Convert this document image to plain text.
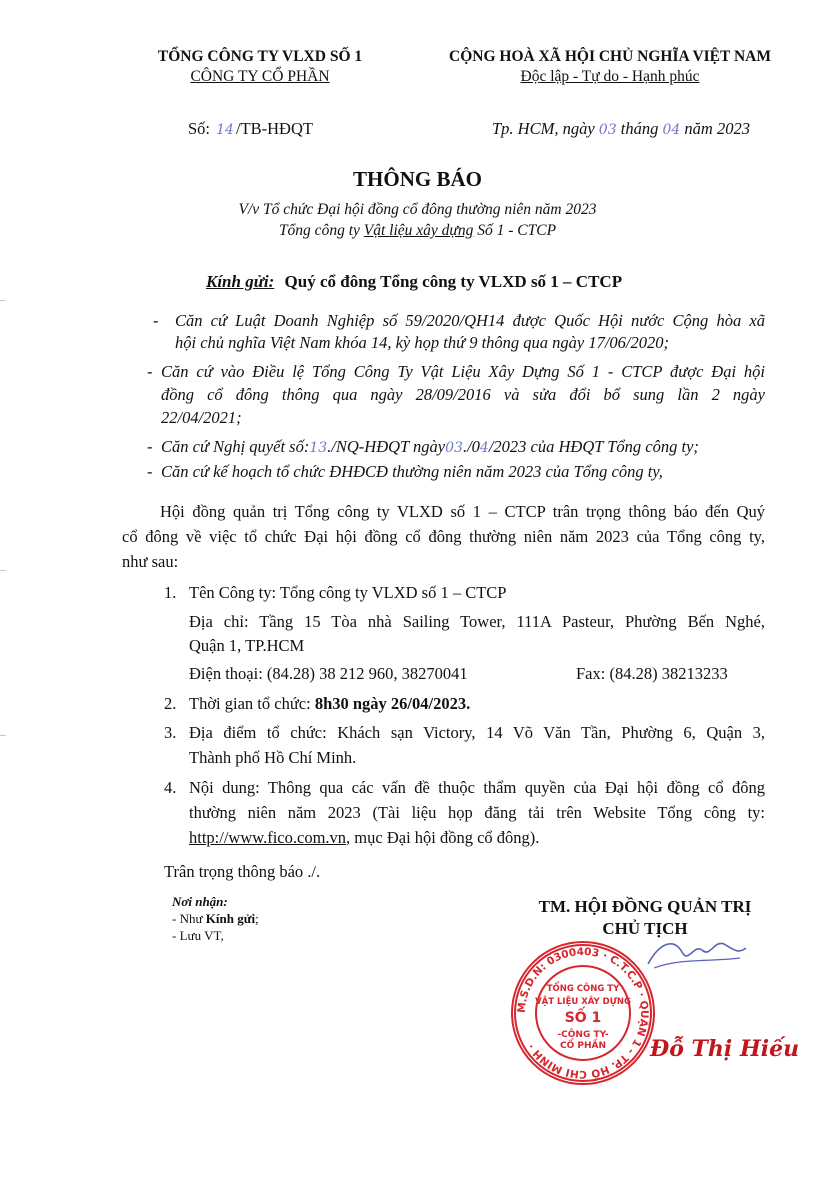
TỔNG CÔNG TY VLXD SỐ 1
CÔNG TY CỔ PHẦN
CỘNG HOÀ XÃ HỘI CHỦ NGHĨA VIỆT NAM
Độc lập - Tự do - Hạnh phúc
Số: 14 /TB-HĐQT	Tp. HCM, ngày 03 tháng 04 năm 2023
THÔNG BÁO
V/v Tổ chức Đại hội đồng cổ đông thường niên năm 2023
Tổng công ty Vật liệu xây dựng Số 1 - CTCP
Kính gửi: Quý cổ đông Tổng công ty VLXD số 1 – CTCP
- Căn cứ Luật Doanh Nghiệp số 59/2020/QH14 được Quốc Hội nước Cộng hòa xã
hội chủ nghĩa Việt Nam khóa 14, kỳ họp thứ 9 thông qua ngày 17/06/2020;
- Căn cứ vào Điều lệ Tổng Công Ty Vật Liệu Xây Dựng Số 1 - CTCP được Đại hội
đồng cổ đông thông qua ngày 28/09/2016 và sửa đổi bổ sung lần 2 ngày
22/04/2021;
- Căn cứ Nghị quyết số:13./NQ-HĐQT ngày03./04/2023 của HĐQT Tổng công ty;
- Căn cứ kế hoạch tổ chức ĐHĐCĐ thường niên năm 2023 của Tổng công ty,
Hội đồng quản trị Tổng công ty VLXD số 1 – CTCP trân trọng thông báo đến Quý
cổ đông về việc tổ chức Đại hội đồng cổ đông thường niên năm 2023 của Tổng công ty,
như sau:
1. Tên Công ty: Tổng công ty VLXD số 1 – CTCP
Địa chỉ: Tầng 15 Tòa nhà Sailing Tower, 111A Pasteur, Phường Bến Nghé,
Quận 1, TP.HCM
Điện thoại: (84.28) 38 212 960, 38270041	Fax: (84.28) 38213233
2. Thời gian tổ chức: 8h30 ngày 26/04/2023.
3. Địa điểm tổ chức: Khách sạn Victory, 14 Võ Văn Tần, Phường 6, Quận 3,
Thành phố Hồ Chí Minh.
4. Nội dung: Thông qua các vấn đề thuộc thẩm quyền của Đại hội đồng cổ đông
thường niên năm 2023 (Tài liệu họp đăng tải trên Website Tổng công ty:
http://www.fico.com.vn, mục Đại hội đồng cổ đông).
Trân trọng thông báo ./.
Nơi nhận:
- Như Kính gửi;
- Lưu VT,
TM. HỘI ĐỒNG QUẢN TRỊ
CHỦ TỊCH
M.S.D.N: 0300403 · C.T.C.P · QUẬN 1 - TP. HỒ CHÍ MINH ·
TỔNG CÔNG TY
VẬT LIỆU XÂY DỰNG
SỐ 1
-CÔNG TY-
CỔ PHẦN Đỗ Thị Hiếu
